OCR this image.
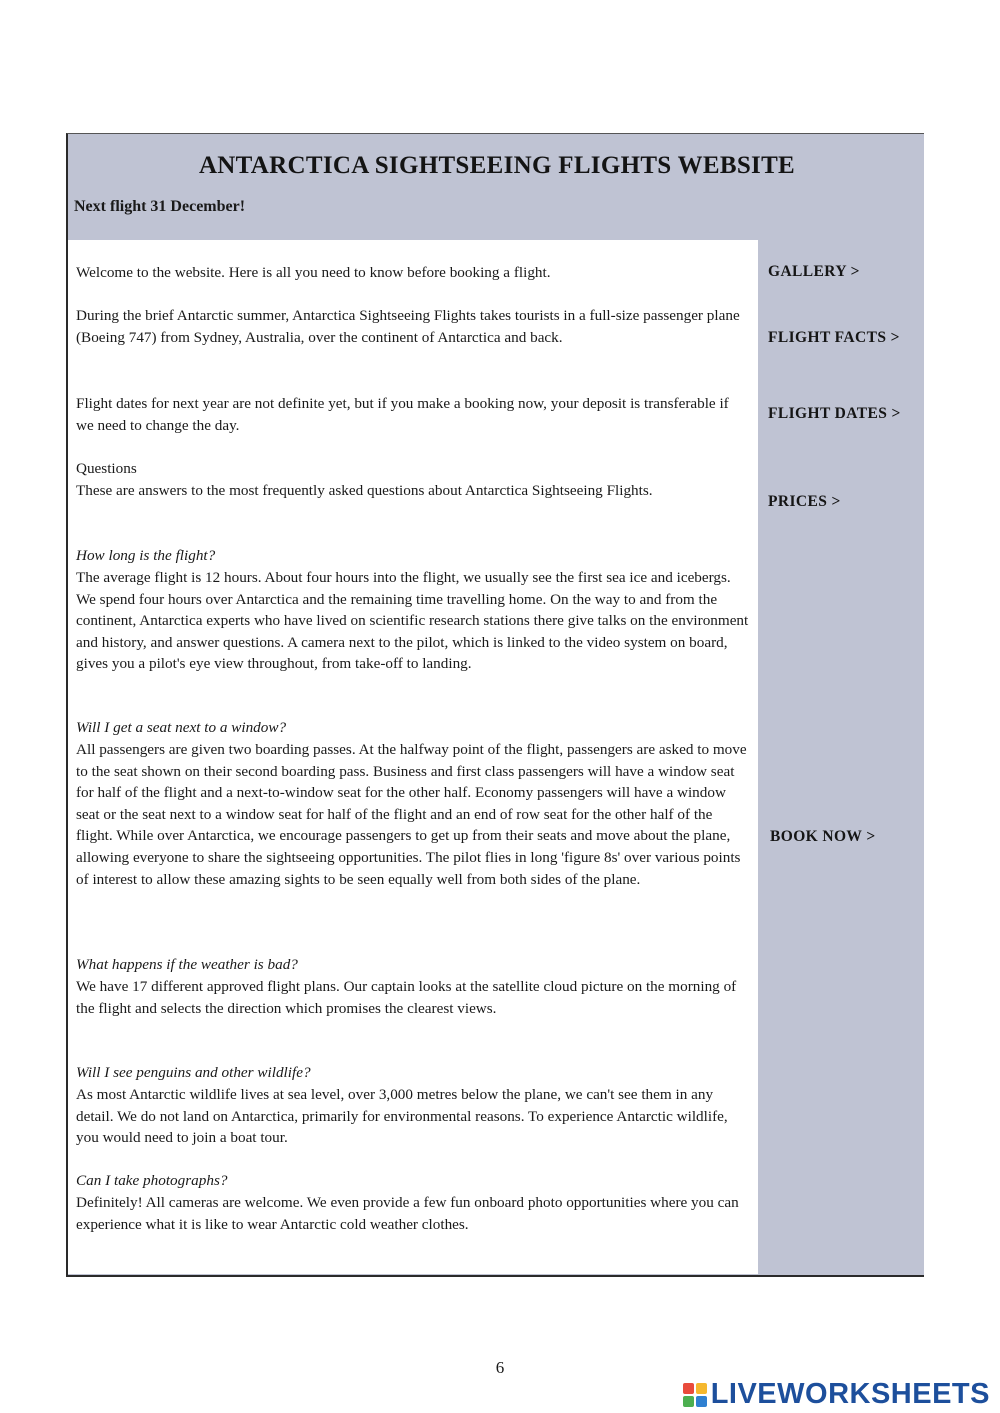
ANTARCTICA SIGHTSEEING FLIGHTS WEBSITE
Next flight 31 December!

Welcome to the website. Here is all you need to know before booking a flight.

During the brief Antarctic summer, Antarctica Sightseeing Flights takes tourists in a full-size passenger plane (Boeing 747) from Sydney, Australia, over the continent of Antarctica and back.

Flight dates for next year are not definite yet, but if you make a booking now, your deposit is transferable if we need to change the day.

Questions

These are answers to the most frequently asked questions about Antarctica Sightseeing Flights.

How long is the flight?

The average flight is 12 hours. About four hours into the flight, we usually see the first sea ice and icebergs. We spend four hours over Antarctica and the remaining time travelling home. On the way to and from the continent, Antarctica experts who have lived on scientific research stations there give talks on the environment and history, and answer questions. A camera next to the pilot, which is linked to the video system on board, gives you a pilot's eye view throughout, from take-off to landing.

Will I get a seat next to a window?

All passengers are given two boarding passes. At the halfway point of the flight, passengers are asked to move to the seat shown on their second boarding pass. Business and first class passengers will have a window seat for half of the flight and a next-to-window seat for the other half. Economy passengers will have a window seat or the seat next to a window seat for half of the flight and an end of row seat for the other half of the flight. While over Antarctica, we encourage passengers to get up from their seats and move about the plane, allowing everyone to share the sightseeing opportunities. The pilot flies in long 'figure 8s' over various points of interest to allow these amazing sights to be seen equally well from both sides of the plane.

What happens if the weather is bad?

We have 17 different approved flight plans. Our captain looks at the satellite cloud picture on the morning of the flight and selects the direction which promises the clearest views.

Will I see penguins and other wildlife?

As most Antarctic wildlife lives at sea level, over 3,000 metres below the plane, we can't see them in any detail. We do not land on Antarctica, primarily for environmental reasons. To experience Antarctic wildlife, you would need to join a boat tour.

Can I take photographs?

Definitely! All cameras are welcome. We even provide a few fun onboard photo opportunities where you can experience what it is like to wear Antarctic cold weather clothes.

GALLERY >
FLIGHT FACTS >
FLIGHT DATES >
PRICES >
BOOK NOW >
6
LIVEWORKSHEETS
